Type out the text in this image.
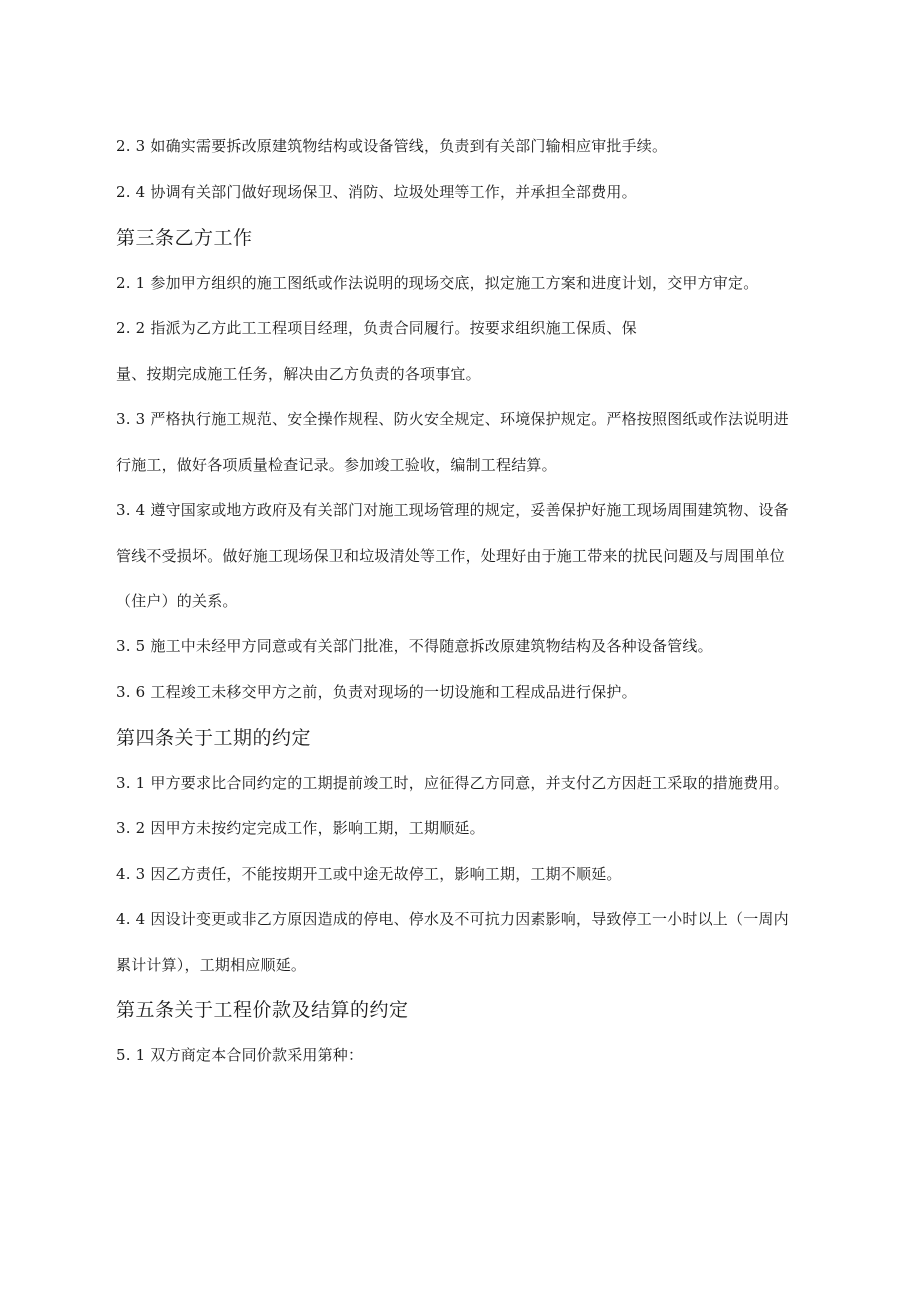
2. 3 如确实需要拆改原建筑物结构或设备管线，负责到有关部门输相应审批手续。
2. 4 协调有关部门做好现场保卫、消防、垃圾处理等工作，并承担全部费用。
第三条乙方工作
2. 1 参加甲方组织的施工图纸或作法说明的现场交底，拟定施工方案和进度计划，交甲方审定。
2. 2 指派为乙方此工工程项目经理，负责合同履行。按要求组织施工保质、保
量、按期完成施工任务，解决由乙方负责的各项事宜。
3. 3 严格执行施工规范、安全操作规程、防火安全规定、环境保护规定。严格按照图纸或作法说明进
行施工，做好各项质量检查记录。参加竣工验收，编制工程结算。
3. 4 遵守国家或地方政府及有关部门对施工现场管理的规定，妥善保护好施工现场周围建筑物、设备
管线不受损坏。做好施工现场保卫和垃圾清处等工作，处理好由于施工带来的扰民问题及与周围单位
（住户）的关系。
3. 5 施工中未经甲方同意或有关部门批准，不得随意拆改原建筑物结构及各种设备管线。
3. 6 工程竣工未移交甲方之前，负责对现场的一切设施和工程成品进行保护。
第四条关于工期的约定
3. 1 甲方要求比合同约定的工期提前竣工时，应征得乙方同意，并支付乙方因赶工采取的措施费用。
3. 2 因甲方未按约定完成工作，影响工期，工期顺延。
4. 3 因乙方责任，不能按期开工或中途无故停工，影响工期，工期不顺延。
4. 4 因设计变更或非乙方原因造成的停电、停水及不可抗力因素影响，导致停工一小时以上（一周内
累计计算），工期相应顺延。
第五条关于工程价款及结算的约定
5. 1 双方商定本合同价款采用第种：
